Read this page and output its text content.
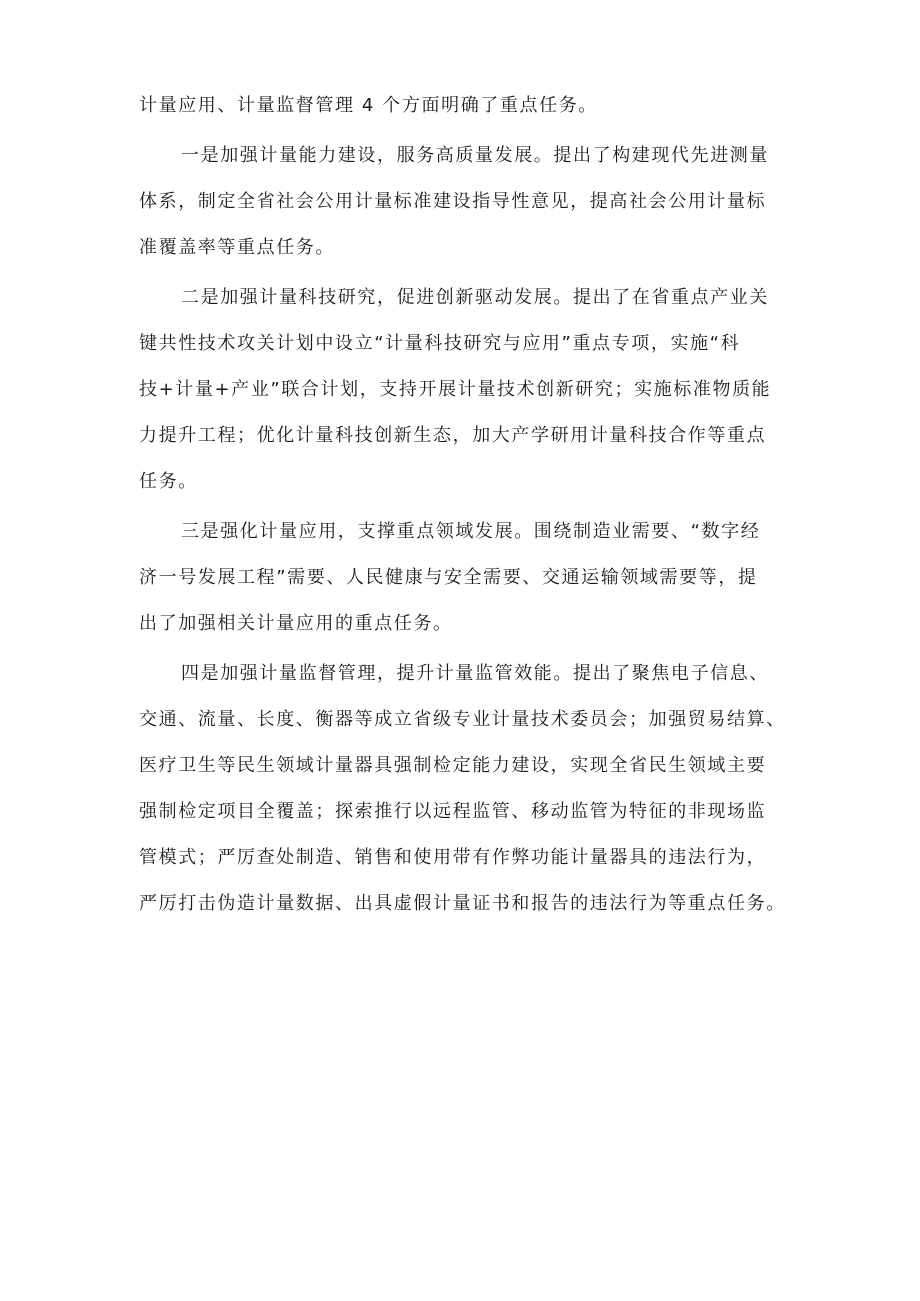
计量应用、计量监督管理 4 个方面明确了重点任务。
一是加强计量能力建设，服务高质量发展。提出了构建现代先进测量
体系，制定全省社会公用计量标准建设指导性意见，提高社会公用计量标
准覆盖率等重点任务。
二是加强计量科技研究，促进创新驱动发展。提出了在省重点产业关
键共性技术攻关计划中设立“计量科技研究与应用”重点专项，实施“科
技+计量+产业”联合计划，支持开展计量技术创新研究；实施标准物质能
力提升工程；优化计量科技创新生态，加大产学研用计量科技合作等重点
任务。
三是强化计量应用，支撑重点领域发展。围绕制造业需要、“数字经
济一号发展工程”需要、人民健康与安全需要、交通运输领域需要等，提
出了加强相关计量应用的重点任务。
四是加强计量监督管理，提升计量监管效能。提出了聚焦电子信息、
交通、流量、长度、衡器等成立省级专业计量技术委员会；加强贸易结算、
医疗卫生等民生领域计量器具强制检定能力建设，实现全省民生领域主要
强制检定项目全覆盖；探索推行以远程监管、移动监管为特征的非现场监
管模式；严厉查处制造、销售和使用带有作弊功能计量器具的违法行为，
严厉打击伪造计量数据、出具虚假计量证书和报告的违法行为等重点任务。
